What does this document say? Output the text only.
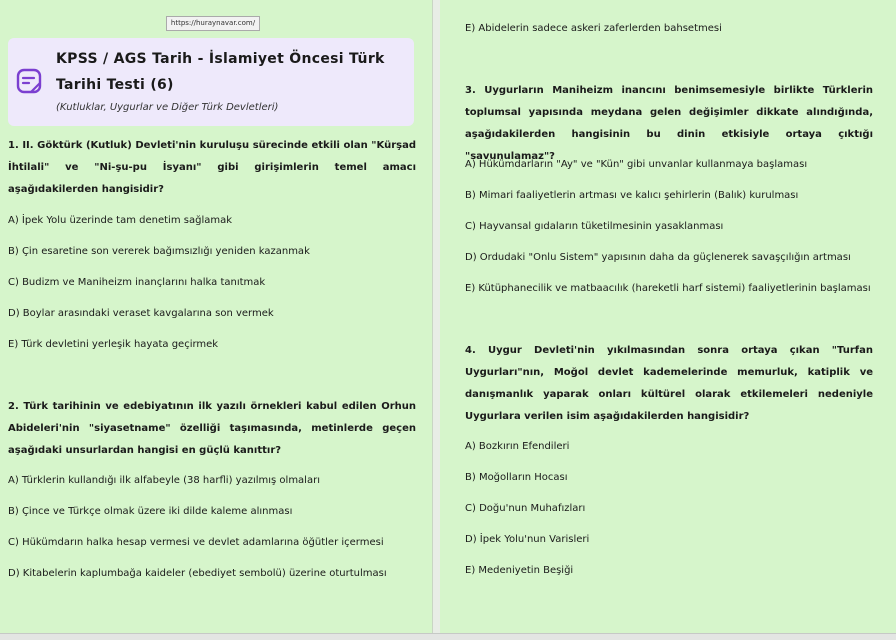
https://huraynavar.com/
KPSS / AGS Tarih - İslamiyet Öncesi Türk Tarihi Testi (6)
(Kutluklar, Uygurlar ve Diğer Türk Devletleri)
1. II. Göktürk (Kutluk) Devleti'nin kuruluşu sürecinde etkili olan "Kürşad İhtilali" ve "Ni-şu-pu İsyanı" gibi girişimlerin temel amacı aşağıdakilerden hangisidir?
A) İpek Yolu üzerinde tam denetim sağlamak
B) Çin esaretine son vererek bağımsızlığı yeniden kazanmak
C) Budizm ve Maniheizm inançlarını halka tanıtmak
D) Boylar arasındaki veraset kavgalarına son vermek
E) Türk devletini yerleşik hayata geçirmek
2. Türk tarihinin ve edebiyatının ilk yazılı örnekleri kabul edilen Orhun Abideleri'nin "siyasetname" özelliği taşımasında, metinlerde geçen aşağıdaki unsurlardan hangisi en güçlü kanıttır?
A) Türklerin kullandığı ilk alfabeyle (38 harfli) yazılmış olmaları
B) Çince ve Türkçe olmak üzere iki dilde kaleme alınması
C) Hükümdarın halka hesap vermesi ve devlet adamlarına öğütler içermesi
D) Kitabelerin kaplumbağa kaideler (ebediyet sembolü) üzerine oturtulması
E) Abidelerin sadece askeri zaferlerden bahsetmesi
3. Uygurların Maniheizm inancını benimsemesiyle birlikte Türklerin toplumsal yapısında meydana gelen değişimler dikkate alındığında, aşağıdakilerden hangisinin bu dinin etkisiyle ortaya çıktığı "savunulamaz"?
A) Hükümdarların "Ay" ve "Kün" gibi unvanlar kullanmaya başlaması
B) Mimari faaliyetlerin artması ve kalıcı şehirlerin (Balık) kurulması
C) Hayvansal gıdaların tüketilmesinin yasaklanması
D) Ordudaki "Onlu Sistem" yapısının daha da güçlenerek savaşçılığın artması
E) Kütüphanecilik ve matbaacılık (hareketli harf sistemi) faaliyetlerinin başlaması
4. Uygur Devleti'nin yıkılmasından sonra ortaya çıkan "Turfan Uygurları"nın, Moğol devlet kademelerinde memurluk, katiplik ve danışmanlık yaparak onları kültürel olarak etkilemeleri nedeniyle Uygurlara verilen isim aşağıdakilerden hangisidir?
A) Bozkırın Efendileri
B) Moğolların Hocası
C) Doğu'nun Muhafızları
D) İpek Yolu'nun Varisleri
E) Medeniyetin Beşiği
